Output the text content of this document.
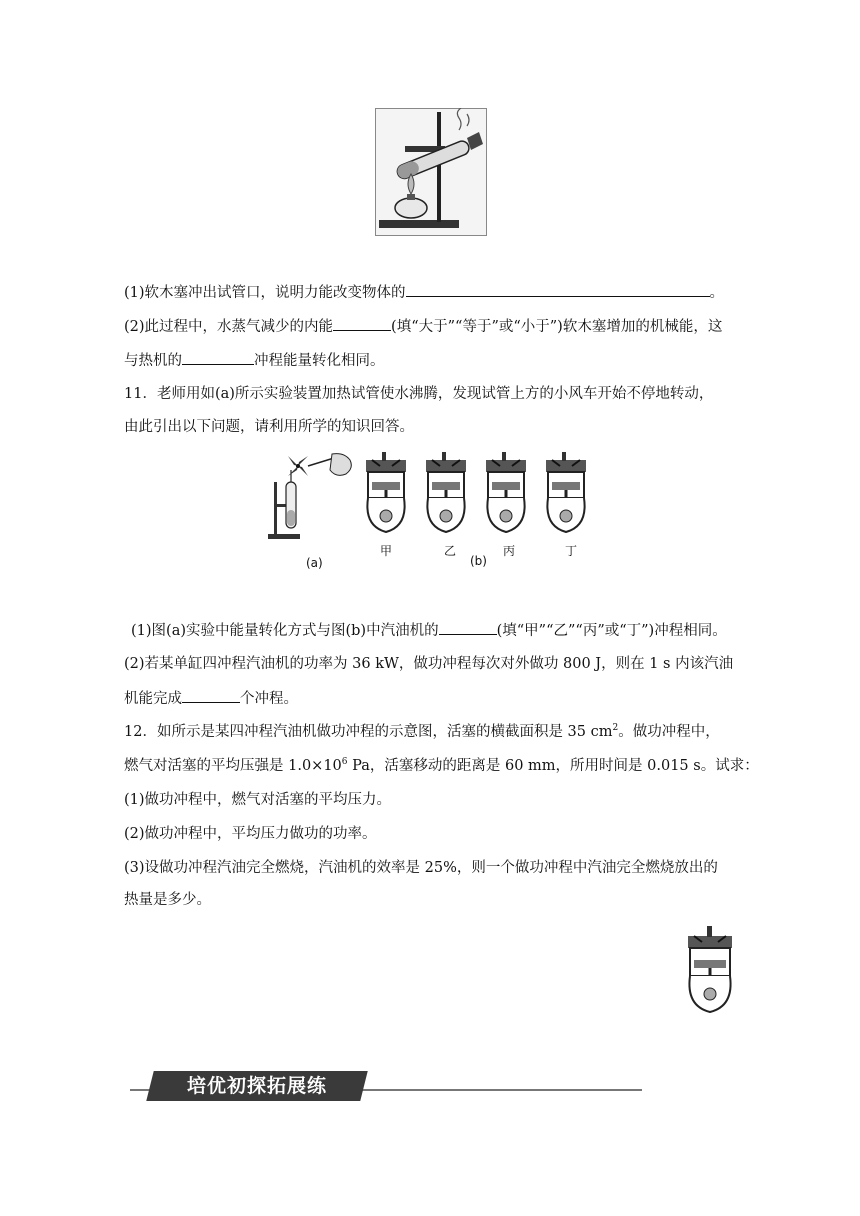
(1)软木塞冲出试管口，说明力能改变物体的	。
(2)此过程中，水蒸气减少的内能	(填“大于”“等于”或“小于”)软木塞增加的机械能，这
与热机的	冲程能量转化相同。
11．老师用如(a)所示实验装置加热试管使水沸腾，发现试管上方的小风车开始不停地转动，
由此引出以下问题，请利用所学的知识回答。
(a)
甲	乙	丙	丁
(b)
(1)图(a)实验中能量转化方式与图(b)中汽油机的	(填“甲”“乙”“丙”或“丁”)冲程相同。
(2)若某单缸四冲程汽油机的功率为 36 kW，做功冲程每次对外做功 800 J，则在 1 s 内该汽油
机能完成	个冲程。
12．如所示是某四冲程汽油机做功冲程的示意图，活塞的横截面积是 35 $cm^2$。做功冲程中，
燃气对活塞的平均压强是 $1.0\times 10^6$ Pa，活塞移动的距离是 60 mm，所用时间是 0.015 s。试求：
(1)做功冲程中，燃气对活塞的平均压力。
(2)做功冲程中，平均压力做功的功率。
(3)设做功冲程汽油完全燃烧，汽油机的效率是 25%，则一个做功冲程中汽油完全燃烧放出的
热量是多少。
培优初探拓展练
